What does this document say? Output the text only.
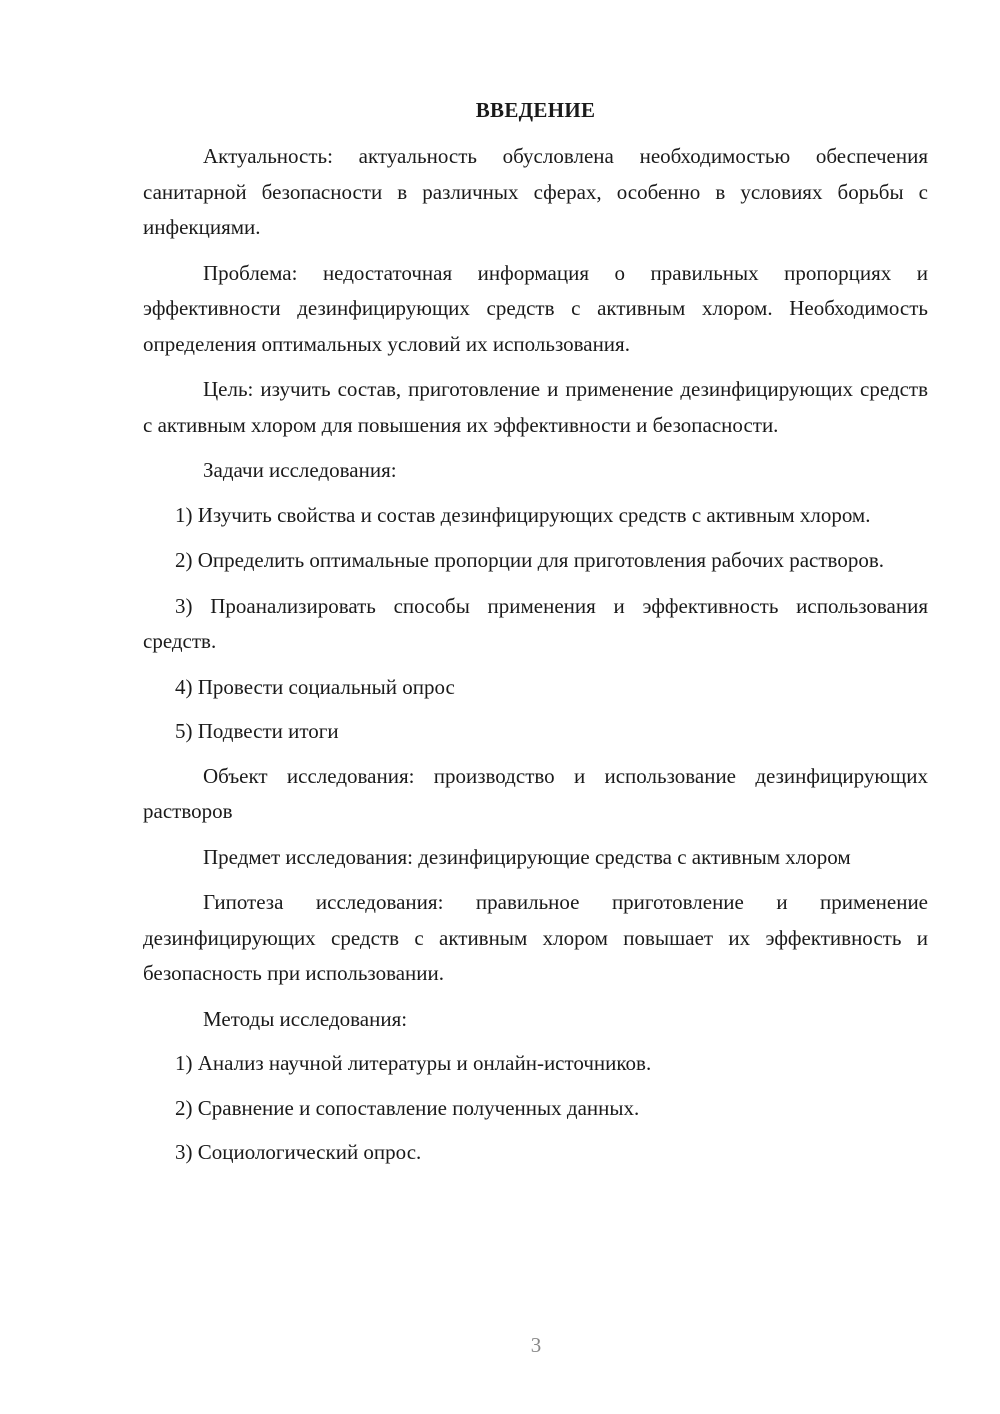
ВВЕДЕНИЕ

Актуальность: актуальность обусловлена необходимостью обеспечения санитарной безопасности в различных сферах, особенно в условиях борьбы с инфекциями.

Проблема: недостаточная информация о правильных пропорциях и эффективности дезинфицирующих средств с активным хлором. Необходимость определения оптимальных условий их использования.

Цель: изучить состав, приготовление и применение дезинфицирующих средств с активным хлором для повышения их эффективности и безопасности.

Задачи исследования:

1) Изучить свойства и состав дезинфицирующих средств с активным хлором.

2) Определить оптимальные пропорции для приготовления рабочих растворов.

3) Проанализировать способы применения и эффективность использования средств.

4) Провести социальный опрос
5) Подвести итоги

Объект исследования: производство и использование дезинфицирующих растворов

Предмет исследования: дезинфицирующие средства с активным хлором

Гипотеза исследования: правильное приготовление и применение дезинфицирующих средств с активным хлором повышает их эффективность и безопасность при использовании.

Методы исследования:
1) Анализ научной литературы и онлайн-источников.
2) Сравнение и сопоставление полученных данных.
3) Социологический опрос.
3
